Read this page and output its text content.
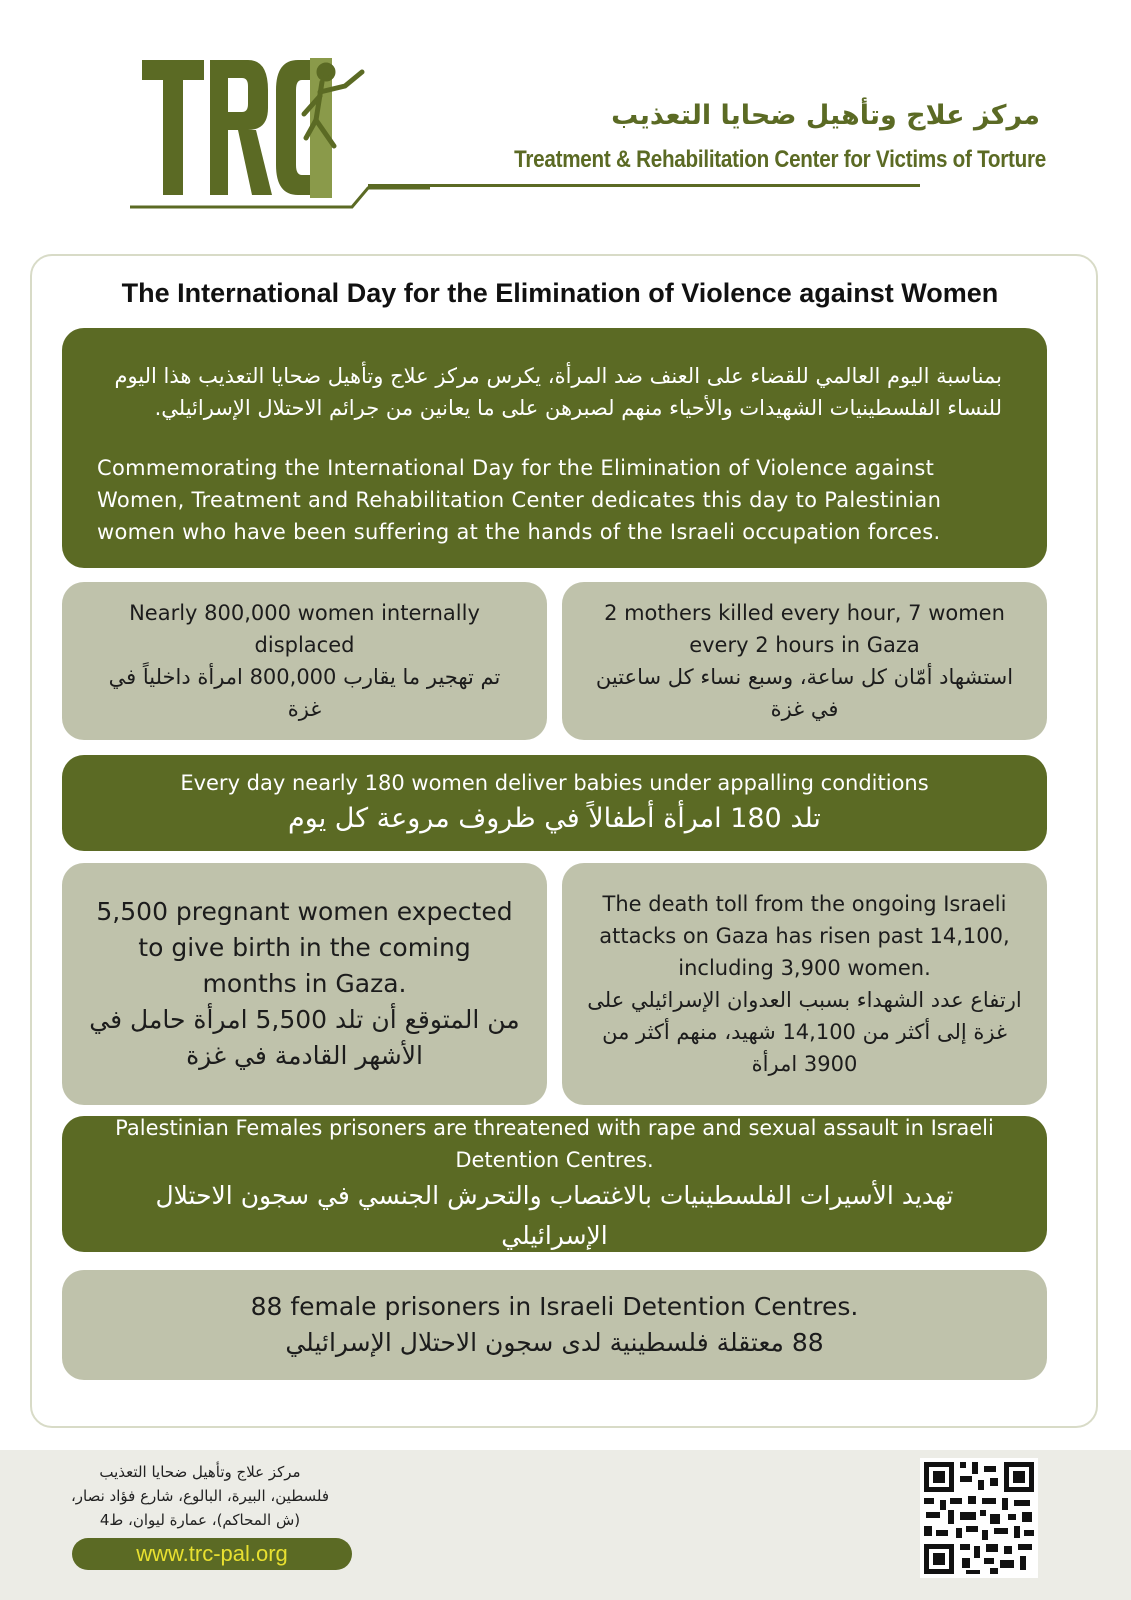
مركز علاج وتأهيل ضحايا التعذيب
Treatment & Rehabilitation Center for Victims of Torture
The International Day for the Elimination of Violence against Women
بمناسبة اليوم العالمي للقضاء على العنف ضد المرأة، يكرس مركز علاج وتأهيل ضحايا التعذيب هذا اليوم للنساء الفلسطينيات الشهيدات والأحياء منهم لصبرهن على ما يعانين من جرائم الاحتلال الإسرائيلي.
Commemorating the International Day for the Elimination of Violence against Women, Treatment and Rehabilitation Center dedicates this day to Palestinian women who have been suffering at the hands of the Israeli occupation forces.
Nearly 800,000 women internally displaced
تم تهجير ما يقارب 800,000 امرأة داخلياً في غزة
2 mothers killed every hour, 7 women every 2 hours in Gaza
استشهاد أمّان كل ساعة، وسبع نساء كل ساعتين في غزة
Every day nearly 180 women deliver babies under appalling conditions
تلد 180 امرأة أطفالاً في ظروف مروعة كل يوم
5,500 pregnant women expected to give birth in the coming months in Gaza.
من المتوقع أن تلد 5,500 امرأة حامل في الأشهر القادمة في غزة
The death toll from the ongoing Israeli attacks on Gaza has risen past 14,100, including 3,900 women.
ارتفاع عدد الشهداء بسبب العدوان الإسرائيلي على غزة إلى أكثر من 14,100 شهيد، منهم أكثر من 3900 امرأة
Palestinian Females prisoners are threatened with rape and sexual assault in Israeli Detention Centres.
تهديد الأسيرات الفلسطينيات بالاغتصاب والتحرش الجنسي في سجون الاحتلال الإسرائيلي
88 female prisoners in Israeli Detention Centres.
88 معتقلة فلسطينية لدى سجون الاحتلال الإسرائيلي
مركز علاج وتأهيل ضحايا التعذيب
فلسطين، البيرة، البالوع، شارع فؤاد نصار،
(ش المحاكم)، عمارة ليوان، ط4
www.trc-pal.org
